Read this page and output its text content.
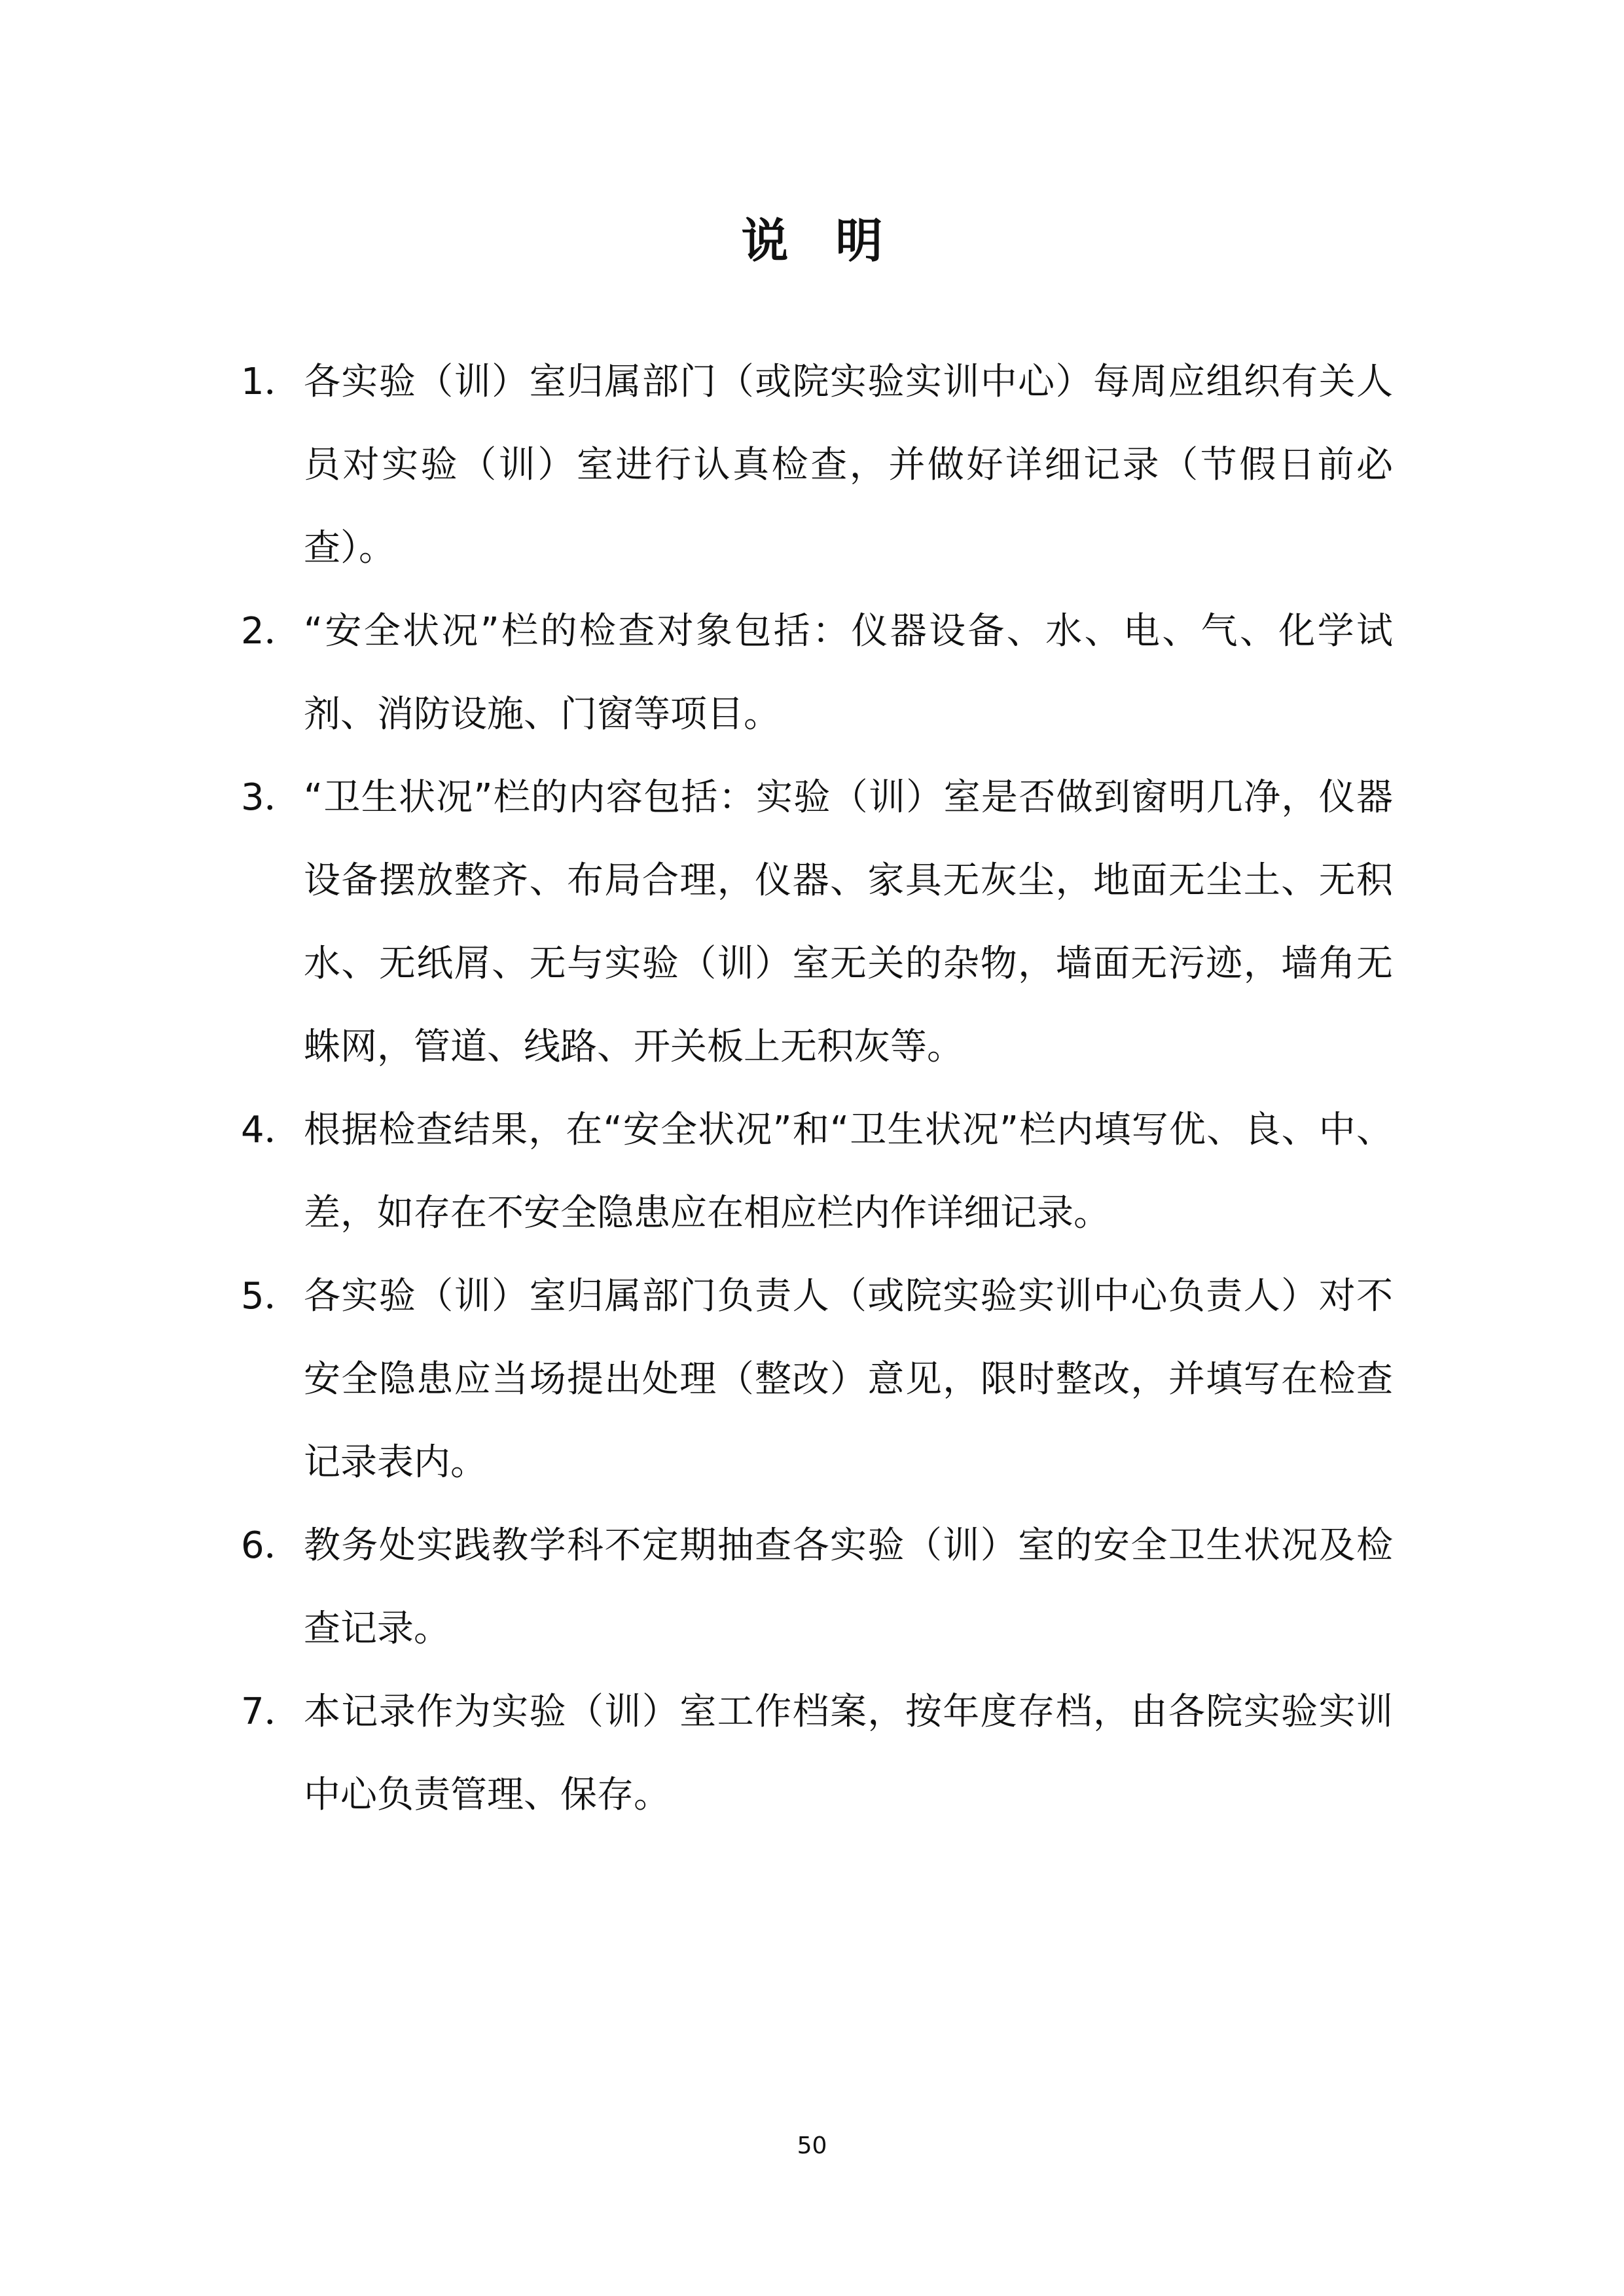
说　明
1． 各实验（训）室归属部门（或院实验实训中心）每周应组织有关人员对实验（训）室进行认真检查，并做好详细记录（节假日前必查）。
2． “安全状况”栏的检查对象包括：仪器设备、水、电、气、化学试剂、消防设施、门窗等项目。
3． “卫生状况”栏的内容包括：实验（训）室是否做到窗明几净，仪器设备摆放整齐、布局合理，仪器、家具无灰尘，地面无尘土、无积水、无纸屑、无与实验（训）室无关的杂物，墙面无污迹，墙角无蛛网，管道、线路、开关板上无积灰等。
4． 根据检查结果，在“安全状况”和“卫生状况”栏内填写优、良、中、差，如存在不安全隐患应在相应栏内作详细记录。
5． 各实验（训）室归属部门负责人（或院实验实训中心负责人）对不安全隐患应当场提出处理（整改）意见，限时整改，并填写在检查记录表内。
6． 教务处实践教学科不定期抽查各实验（训）室的安全卫生状况及检查记录。
7． 本记录作为实验（训）室工作档案，按年度存档，由各院实验实训中心负责管理、保存。
50
